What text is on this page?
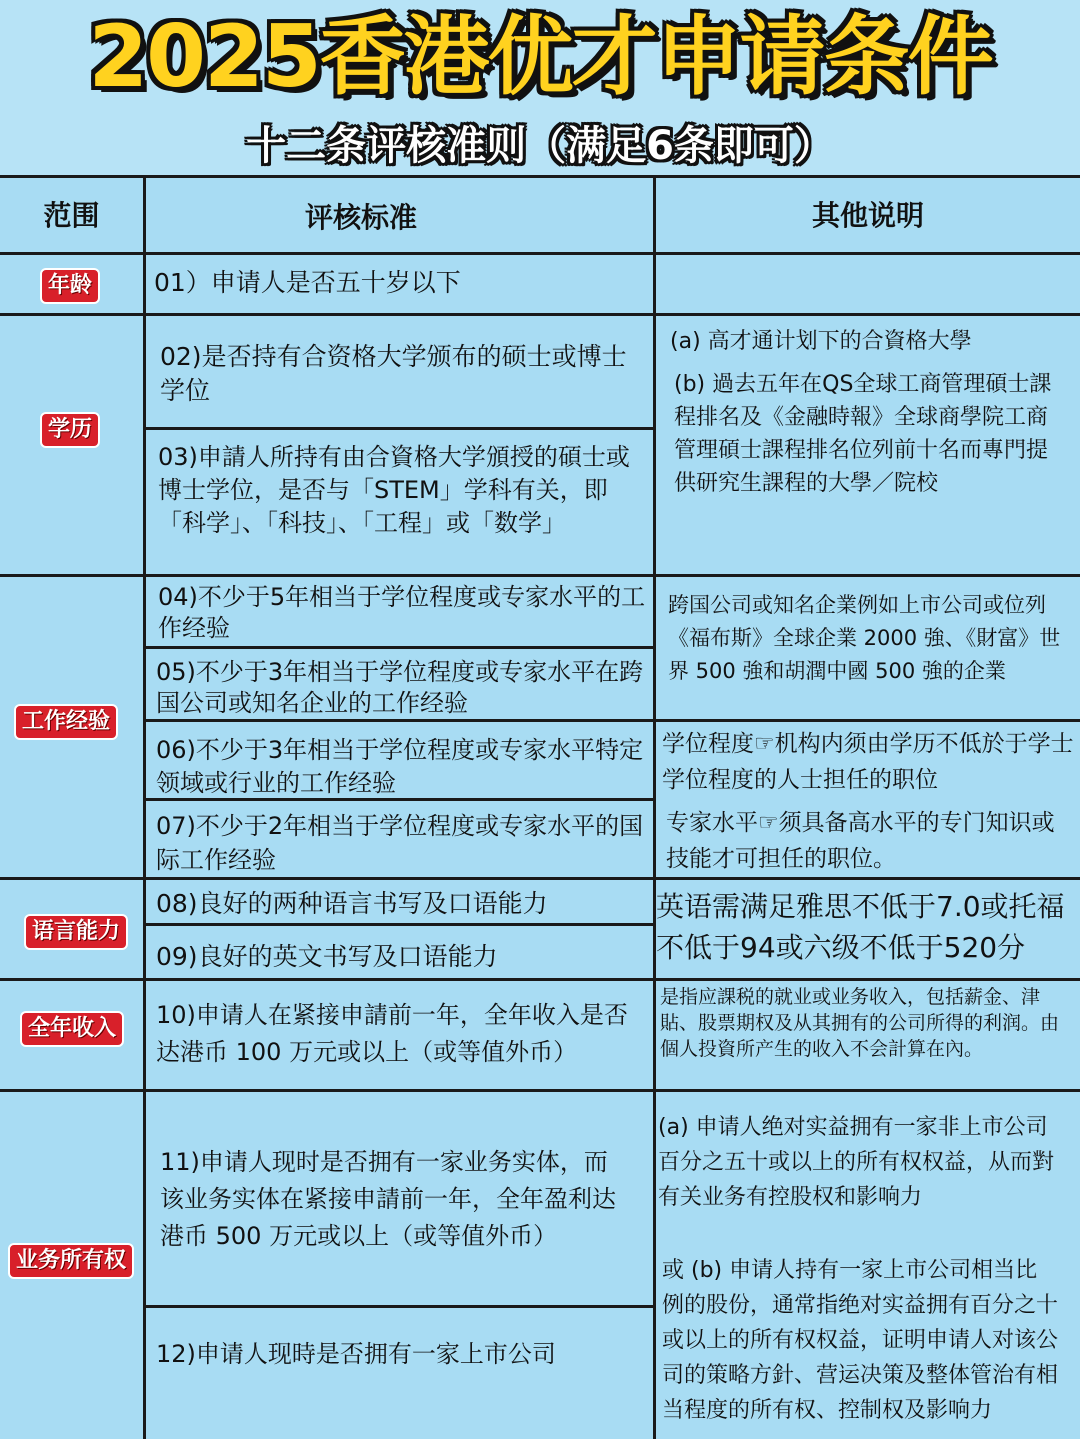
2025香港优才申请条件
十二条评核准则（满足6条即可）
范围	评核标准	其他说明
年龄
学历
工作经验
语言能力
全年收入
业务所有权
01）申请人是否五十岁以下
02)是否持有合资格大学颁布的硕士或博士学位
03)申請人所持有由合資格大学頒授的碩士或博士学位，是否与「STEM」学科有关，即「科学」、「科技」、「工程」或「数学」
04)不少于5年相当于学位程度或专家水平的工作经验
05)不少于3年相当于学位程度或专家水平在跨国公司或知名企业的工作经验
06)不少于3年相当于学位程度或专家水平特定领域或行业的工作经验
07)不少于2年相当于学位程度或专家水平的国际工作经验
08)良好的两种语言书写及口语能力
09)良好的英文书写及口语能力
10)申请人在紧接申請前一年，全年收入是否达港币 100 万元或以上（或等值外币）
11)申请人现时是否拥有一家业务实体，而该业务实体在紧接申請前一年，全年盈利达港币 500 万元或以上（或等值外币）
12)申请人现時是否拥有一家上市公司
(a) 高才通计划下的合資格大學
(b) 過去五年在QS全球工商管理碩士課程排名及《金融時報》全球商學院工商管理碩士課程排名位列前十名而專門提供研究生課程的大學／院校
跨国公司或知名企業例如上市公司或位列《福布斯》全球企業 2000 強、《財富》世界 500 強和胡潤中國 500 強的企業
学位程度☞机构内须由学历不低於于学士学位程度的人士担任的职位
专家水平☞须具备高水平的专门知识或技能才可担任的职位。
英语需满足雅思不低于7.0或托福不低于94或六级不低于520分
是指应課税的就业或业务收入，包括薪金、津貼、股票期权及从其拥有的公司所得的利润。由個人投資所产生的收入不会計算在內。
(a) 申请人绝对实益拥有一家非上市公司百分之五十或以上的所有权权益，从而對有关业务有控股权和影响力
或 (b) 申请人持有一家上市公司相当比例的股份，通常指绝对实益拥有百分之十或以上的所有权权益，证明申请人对该公司的策略方針、营运决策及整体管治有相当程度的所有权、控制权及影响力
